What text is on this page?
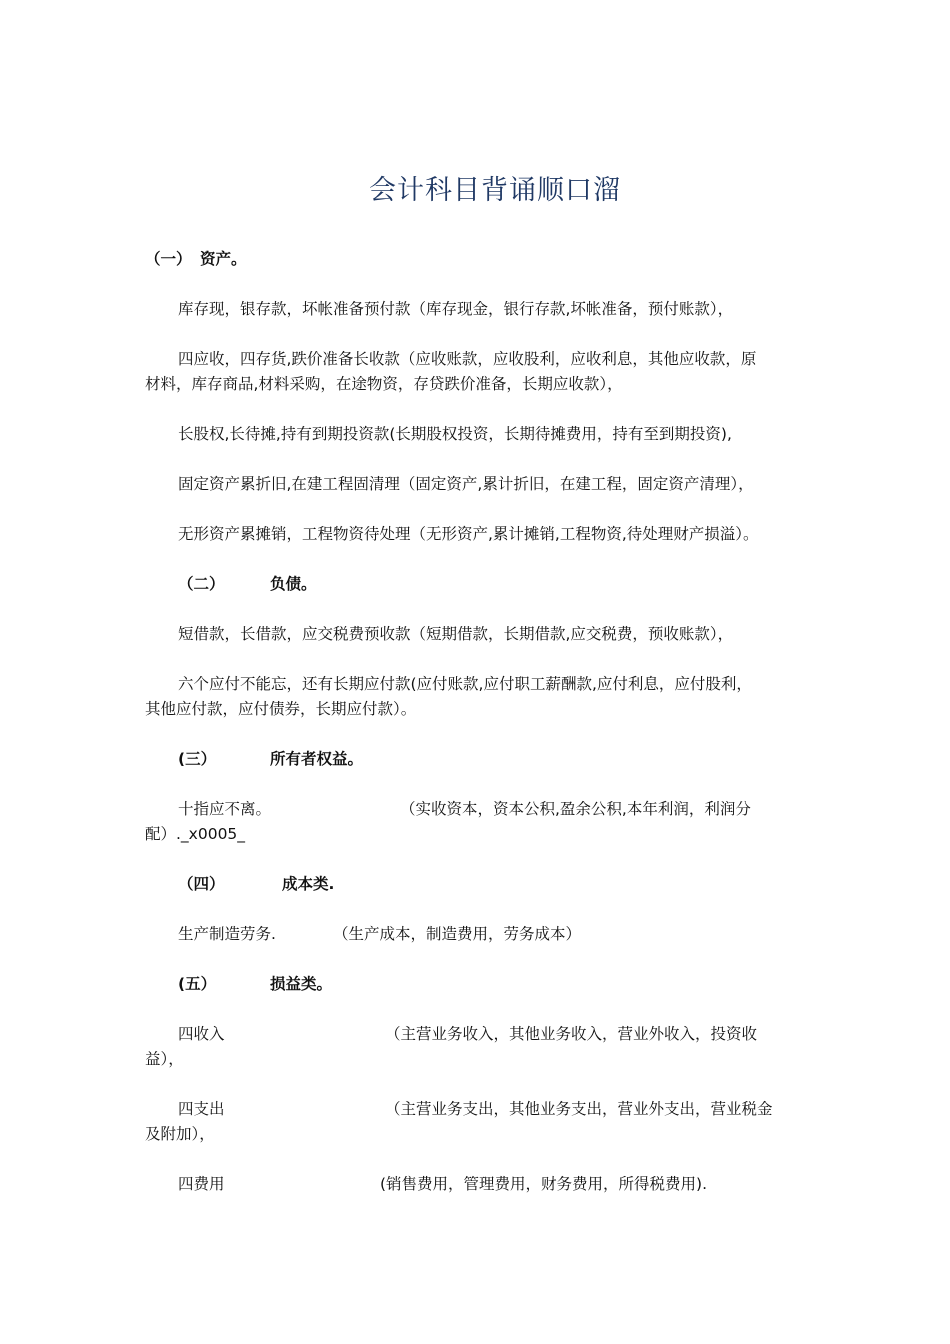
会计科目背诵顺口溜
（一） 资产。
库存现，银存款，坏帐准备预付款（库存现金，银行存款,坏帐准备，预付账款），
四应收，四存货,跌价准备长收款（应收账款，应收股利，应收利息，其他应收款，原
材料，库存商品,材料采购，在途物资，存贷跌价准备，长期应收款），
长股权,长待摊,持有到期投资款(长期股权投资，长期待摊费用，持有至到期投资),
固定资产累折旧,在建工程固清理（固定资产,累计折旧，在建工程，固定资产清理），
无形资产累摊销，工程物资待处理（无形资产,累计摊销,工程物资,待处理财产损溢）。
（二）	负债。
短借款，长借款，应交税费预收款（短期借款，长期借款,应交税费，预收账款），
六个应付不能忘，还有长期应付款(应付账款,应付职工薪酬款,应付利息，应付股利，
其他应付款，应付债券，长期应付款）。
(三）	所有者权益。
十指应不离。	（实收资本，资本公积,盈余公积,本年利润，利润分
配）._x0005_
（四）	成本类.
生产制造劳务.	（生产成本，制造费用，劳务成本）
(五）	损益类。
四收入	（主营业务收入，其他业务收入，营业外收入，投资收
益），
四支出	（主营业务支出，其他业务支出，营业外支出，营业税金
及附加），
四费用	(销售费用，管理费用，财务费用，所得税费用).
